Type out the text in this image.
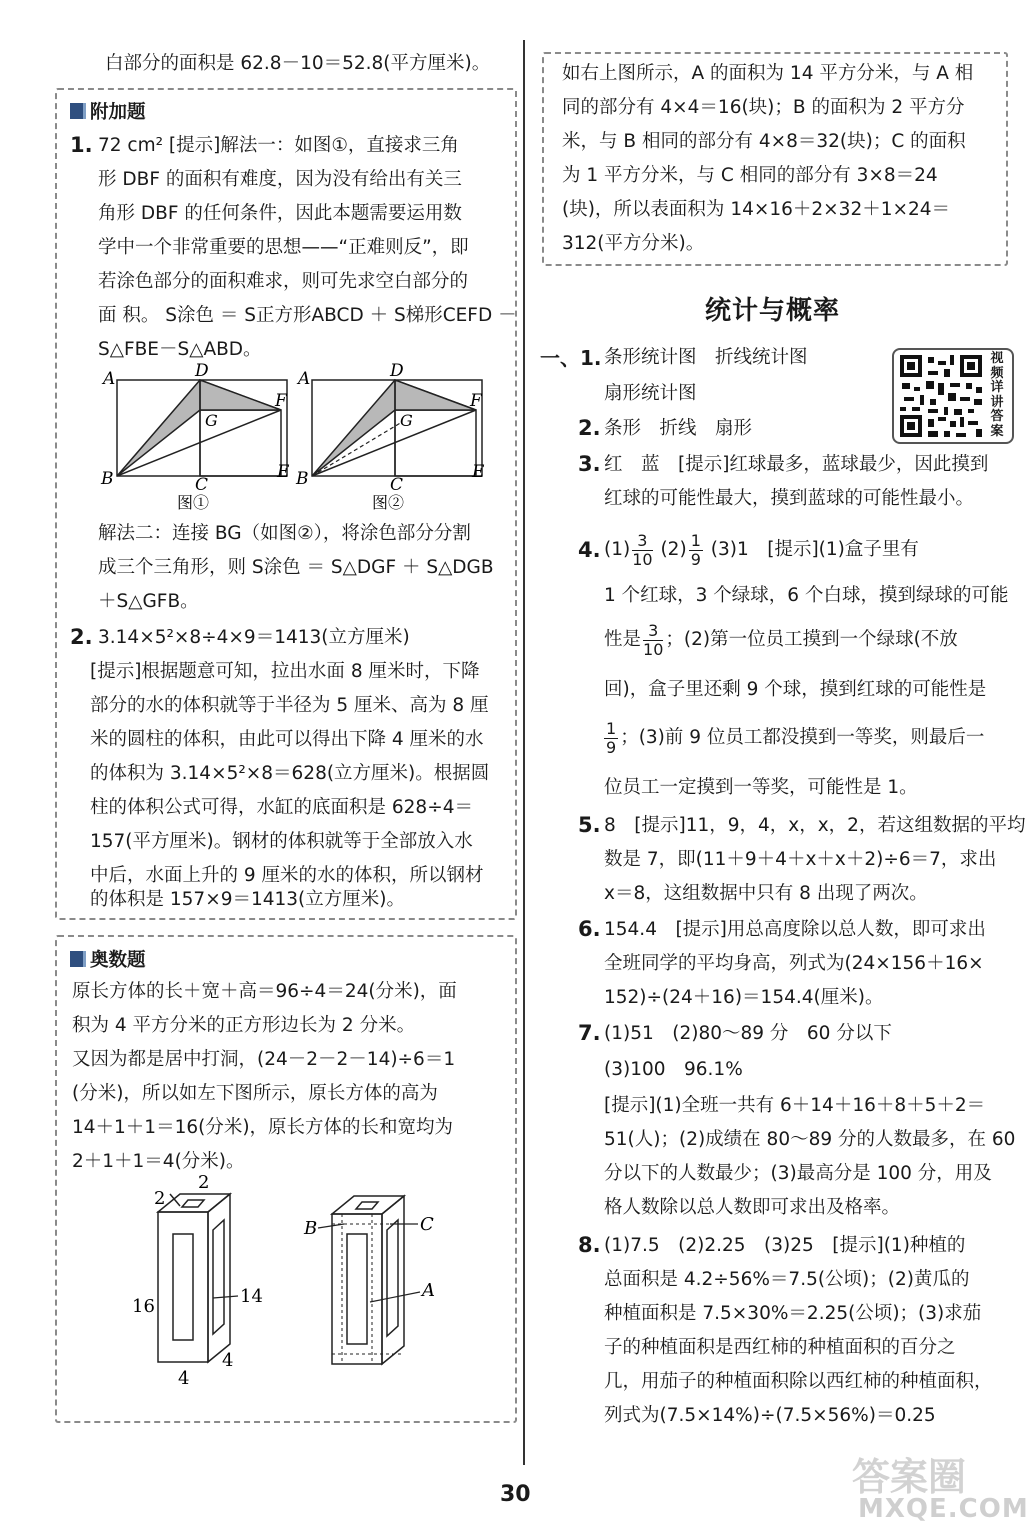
白部分的面积是 62.8－10＝52.8(平方厘米)。
附加题
1. 72 cm² [提示]解法一：如图①，直接求三角
形 DBF 的面积有难度，因为没有给出有关三
角形 DBF 的任何条件，因此本题需要运用数
学中一个非常重要的思想——“正难则反”，即
若涂色部分的面积难求，则可先求空白部分的
面 积。 S涂色 ＝ S正方形ABCD ＋ S梯形CEFD －
S△FBE－S△ABD。
A	D
F
G
B	C
E
A	D
F
G
B	C
E
图①	图②
解法二：连接 BG（如图②），将涂色部分分割
成三个三角形，则 S涂色 ＝ S△DGF ＋ S△DGB
＋S△GFB。
2. 3.14×5²×8÷4×9＝1413(立方厘米)
[提示]根据题意可知，拉出水面 8 厘米时，下降
部分的水的体积就等于半径为 5 厘米、高为 8 厘
米的圆柱的体积，由此可以得出下降 4 厘米的水
的体积为 3.14×5²×8＝628(立方厘米)。根据圆
柱的体积公式可得，水缸的底面积是 628÷4＝
157(平方厘米)。钢材的体积就等于全部放入水
中后，水面上升的 9 厘米的水的体积，所以钢材
的体积是 157×9＝1413(立方厘米)。
奥数题
原长方体的长＋宽＋高＝96÷4＝24(分米)，面
积为 4 平方分米的正方形边长为 2 分米。
又因为都是居中打洞，(24－2－2－14)÷6＝1
(分米)，所以如左下图所示，原长方体的高为
14＋1＋1＝16(分米)，原长方体的长和宽均为
2＋1＋1＝4(分米)。
2
2
16	14
4
4
B	C
A
如右上图所示，A 的面积为 14 平方分米，与 A 相
同的部分有 4×4＝16(块)；B 的面积为 2 平方分
米，与 B 相同的部分有 4×8＝32(块)；C 的面积
为 1 平方分米，与 C 相同的部分有 3×8＝24
(块)，所以表面积为 14×16＋2×32＋1×24＝
312(平方分米)。
统计与概率
视频详讲答案
一、1. 条形统计图　折线统计图
扇形统计图
2. 条形　折线　扇形
3. 红　蓝　[提示]红球最多，蓝球最少，因此摸到
红球的可能性最大，摸到蓝球的可能性最小。
4. $(1) \frac{3}{10} (2) \frac{1}{9} (3)1$　[提示](1)盒子里有
1 个红球，3 个绿球，6 个白球，摸到绿球的可能
性是 $\frac{3}{10}$ ；(2)第一位员工摸到一个绿球(不放
回)，盒子里还剩 9 个球，摸到红球的可能性是
$\frac{1}{9}$ ；(3)前 9 位员工都没摸到一等奖，则最后一
位员工一定摸到一等奖，可能性是 1。
5. 8　[提示]11，9，4，x，x，2，若这组数据的平均
数是 7，即(11＋9＋4＋x＋x＋2)÷6＝7，求出
x＝8，这组数据中只有 8 出现了两次。
6. 154.4　[提示]用总高度除以总人数，即可求出
全班同学的平均身高，列式为(24×156＋16×
152)÷(24＋16)＝154.4(厘米)。
7. (1)51　(2)80～89 分　60 分以下
(3)100　96.1%
[提示](1)全班一共有 6＋14＋16＋8＋5＋2＝
51(人)；(2)成绩在 80～89 分的人数最多，在 60
分以下的人数最少；(3)最高分是 100 分，用及
格人数除以总人数即可求出及格率。
8. (1)7.5　(2)2.25　(3)25　[提示](1)种植的
总面积是 4.2÷56%＝7.5(公顷)；(2)黄瓜的
种植面积是 7.5×30%＝2.25(公顷)；(3)求茄
子的种植面积是西红柿的种植面积的百分之
几，用茄子的种植面积除以西红柿的种植面积，
列式为(7.5×14%)÷(7.5×56%)＝0.25
30	答案圈
MXQE.COM
